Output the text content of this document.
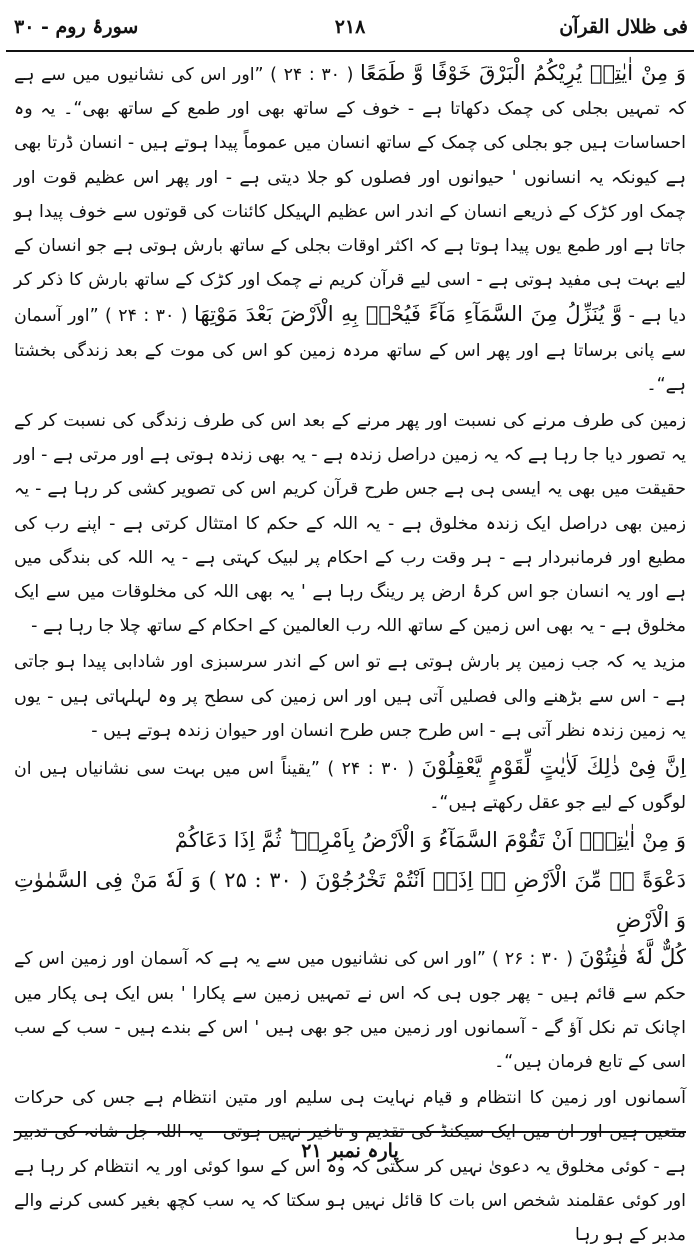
فی ظلال القرآن
۲۱۸
سورۂ روم - ۳۰

وَ مِنْ اٰیٰتِهٖ یُرِیْكُمُ الْبَرْقَ خَوْفًا وَّ طَمَعًا ( ۳۰ : ۲۴ ) ”اور اس کی نشانیوں میں سے ہے کہ تمہیں بجلی کی چمک دکھاتا ہے - خوف کے ساتھ بھی اور طمع کے ساتھ بھی“۔ یہ وہ احساسات ہیں جو بجلی کی چمک کے ساتھ انسان میں عموماً پیدا ہوتے ہیں - انسان ڈرتا بھی ہے کیونکہ یہ انسانوں ' حیوانوں اور فصلوں کو جلا دیتی ہے - اور پھر اس عظیم قوت اور چمک اور کڑک کے ذریعے انسان کے اندر اس عظیم الہیکل کائنات کی قوتوں سے خوف پیدا ہو جاتا ہے اور طمع یوں پیدا ہوتا ہے کہ اکثر اوقات بجلی کے ساتھ بارش ہوتی ہے جو انسان کے لیے بہت ہی مفید ہوتی ہے - اسی لیے قرآن کریم نے چمک اور کڑک کے ساتھ بارش کا ذکر کر دیا ہے - وَّ یُنَزِّلُ مِنَ السَّمَآءِ مَآءً فَیُحْیٖ بِهِ الْاَرْضَ بَعْدَ مَوْتِهَا ( ۳۰ : ۲۴ ) ”اور آسمان سے پانی برساتا ہے اور پھر اس کے ساتھ مردہ زمین کو اس کی موت کے بعد زندگی بخشتا ہے“۔

زمین کی طرف مرنے کی نسبت اور پھر مرنے کے بعد اس کی طرف زندگی کی نسبت کر کے یہ تصور دیا جا رہا ہے کہ یہ زمین دراصل زندہ ہے - یہ بھی زندہ ہوتی ہے اور مرتی ہے - اور حقیقت میں بھی یہ ایسی ہی ہے جس طرح قرآن کریم اس کی تصویر کشی کر رہا ہے - یہ زمین بھی دراصل ایک زندہ مخلوق ہے - یہ اللہ کے حکم کا امتثال کرتی ہے - اپنے رب کی مطیع اور فرمانبردار ہے - ہر وقت رب کے احکام پر لبیک کہتی ہے - یہ اللہ کی بندگی میں ہے اور یہ انسان جو اس کرۂ ارض پر رینگ رہا ہے ' یہ بھی اللہ کی مخلوقات میں سے ایک مخلوق ہے - یہ بھی اس زمین کے ساتھ اللہ رب العالمین کے احکام کے ساتھ چلا جا رہا ہے -

مزید یہ کہ جب زمین پر بارش ہوتی ہے تو اس کے اندر سرسبزی اور شادابی پیدا ہو جاتی ہے - اس سے بڑھنے والی فصلیں آتی ہیں اور اس زمین کی سطح پر وہ لہلہاتی ہیں - یوں یہ زمین زندہ نظر آتی ہے - اس طرح جس طرح انسان اور حیوان زندہ ہوتے ہیں -

اِنَّ فِیْ ذٰلِكَ لَاٰیٰتٍ لِّقَوْمٍ یَّعْقِلُوْنَ ( ۳۰ : ۲۴ ) ”یقیناً اس میں بہت سی نشانیاں ہیں ان لوگوں کے لیے جو عقل رکھتے ہیں“۔

وَ مِنْ اٰیٰتِهٖۤ اَنْ تَقُوْمَ السَّمَآءُ وَ الْاَرْضُ بِاَمْرِهٖ ؕ ثُمَّ اِذَا دَعَاكُمْ

دَعْوَةً ۖۗ مِّنَ الْاَرْضِ ۖۗ اِذَاۤ اَنْتُمْ تَخْرُجُوْنَ ( ۳۰ : ۲۵ ) وَ لَهٗ مَنْ فِی السَّمٰوٰتِ وَ الْاَرْضِ

كُلٌّ لَّهٗ قٰنِتُوْنَ ( ۳۰ : ۲۶ ) ”اور اس کی نشانیوں میں سے یہ ہے کہ آسمان اور زمین اس کے حکم سے قائم ہیں - پھر جوں ہی کہ اس نے تمہیں زمین سے پکارا ' بس ایک ہی پکار میں اچانک تم نکل آؤ گے - آسمانوں اور زمین میں جو بھی ہیں ' اس کے بندے ہیں - سب کے سب اسی کے تابع فرمان ہیں“۔

آسمانوں اور زمین کا انتظام و قیام نہایت ہی سلیم اور متین انتظام ہے جس کی حرکات متعین ہیں اور ان میں ایک سیکنڈ کی تقدیم و تاخیر نہیں ہوتی - یہ اللہ جل شانہ کی تدبیر ہے - کوئی مخلوق یہ دعویٰ نہیں کر سکتی کہ وہ اس کے سوا کوئی اور یہ انتظام کر رہا ہے اور کوئی عقلمند شخص اس بات کا قائل نہیں ہو سکتا کہ یہ سب کچھ بغیر کسی کرنے والے مدبر کے ہو رہا

پارہ نمبر ۲۱
